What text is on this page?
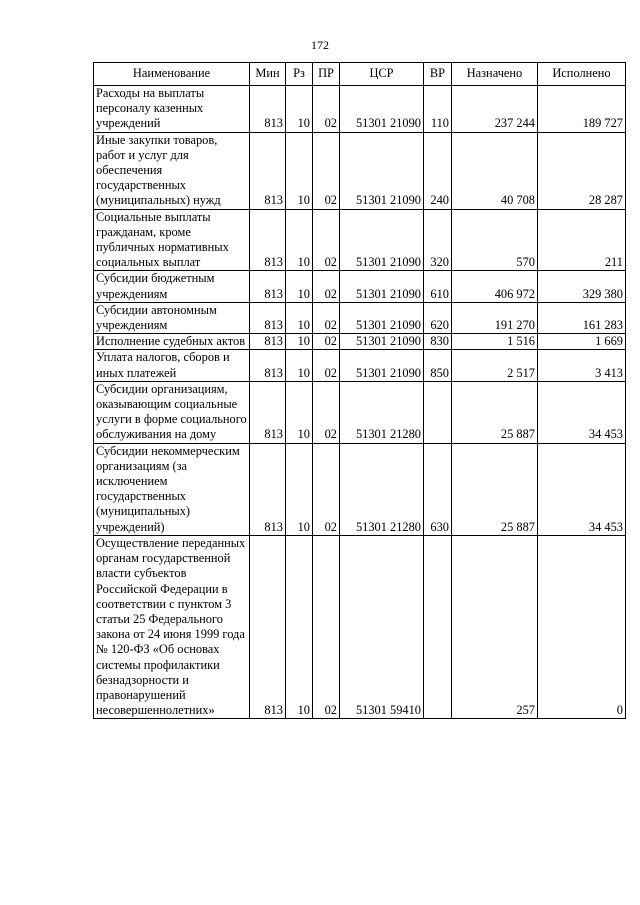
172
Наименование	Мин	Рз	ПР	ЦСР	ВР	Назначено	Исполнено
Расходы на выплаты персоналу казенных учреждений	813	10	02	51301 21090	110	237 244	189 727
Иные закупки товаров, работ и услуг для обеспечения государственных (муниципальных) нужд	813	10	02	51301 21090	240	40 708	28 287
Социальные выплаты гражданам, кроме публичных нормативных социальных выплат	813	10	02	51301 21090	320	570	211
Субсидии бюджетным учреждениям	813	10	02	51301 21090	610	406 972	329 380
Субсидии автономным учреждениям	813	10	02	51301 21090	620	191 270	161 283
Исполнение судебных актов	813	10	02	51301 21090	830	1 516	1 669
Уплата налогов, сборов и иных платежей	813	10	02	51301 21090	850	2 517	3 413
Субсидии организациям, оказывающим социальные услуги в форме социального обслуживания на дому	813	10	02	51301 21280		25 887	34 453
Субсидии некоммерческим организациям (за исключением государственных (муниципальных) учреждений)	813	10	02	51301 21280	630	25 887	34 453
Осуществление переданных органам государственной власти субъектов Российской Федерации в соответствии с пунктом 3 статьи 25 Федерального закона от 24 июня 1999 года № 120-ФЗ «Об основах системы профилактики безнадзорности и правонарушений несовершеннолетних»	813	10	02	51301 59410		257	0
